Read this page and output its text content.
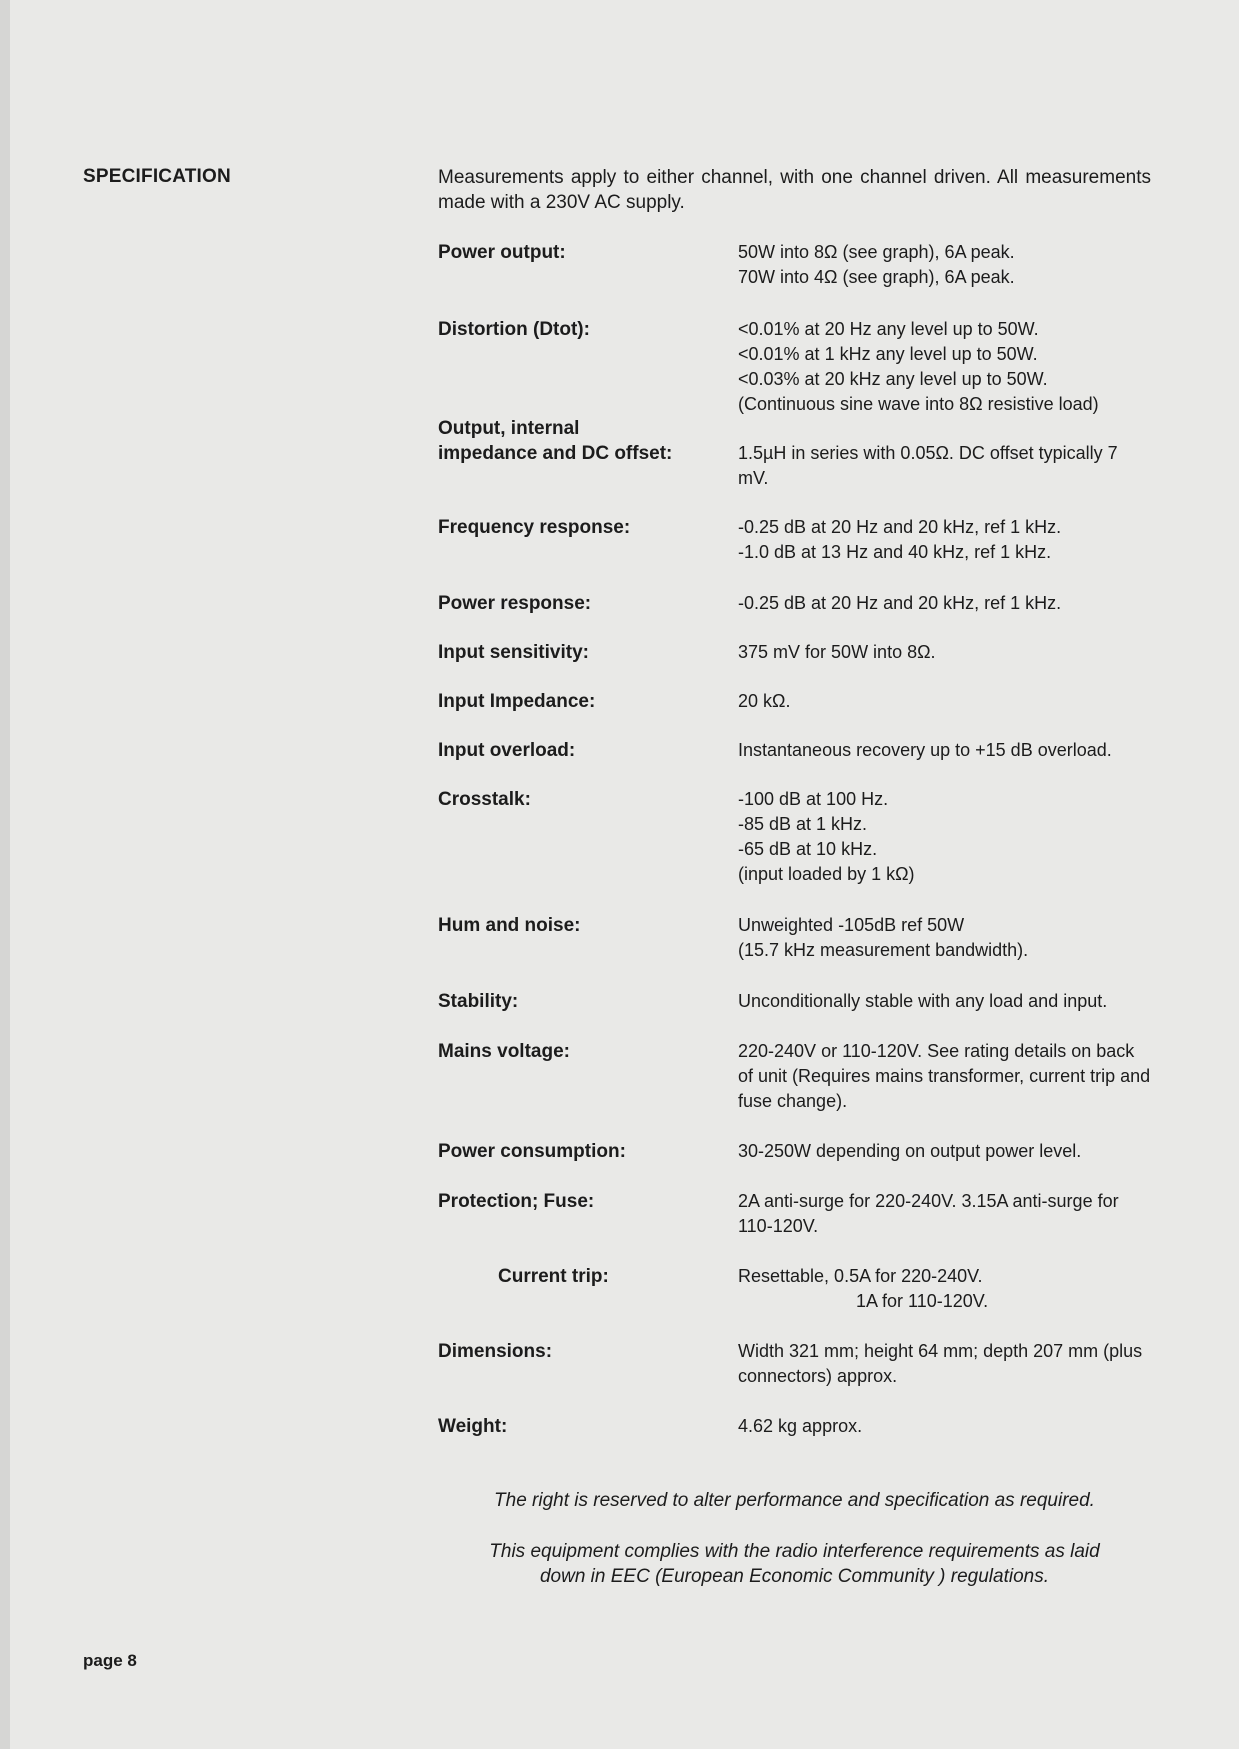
SPECIFICATION	Measurements apply to either channel, with one channel driven. All measurements made with a 230V AC supply.
Power output:	50W into 8Ω (see graph), 6A peak.
70W into 4Ω (see graph), 6A peak.
Distortion (Dtot):	<0.01% at 20 Hz any level up to 50W.
<0.01% at 1 kHz any level up to 50W.
<0.03% at 20 kHz any level up to 50W.
(Continuous sine wave into 8Ω resistive load)
Output, internal
impedance and DC offset:	1.5µH in series with 0.05Ω. DC offset typically 7 mV.
Frequency response:	-0.25 dB at 20 Hz and 20 kHz, ref 1 kHz.
-1.0 dB at 13 Hz and 40 kHz, ref 1 kHz.
Power response:	-0.25 dB at 20 Hz and 20 kHz, ref 1 kHz.
Input sensitivity:	375 mV for 50W into 8Ω.
Input Impedance:	20 kΩ.
Input overload:	Instantaneous recovery up to +15 dB overload.
Crosstalk:	-100 dB at 100 Hz.
-85 dB at 1 kHz.
-65 dB at 10 kHz.
(input loaded by 1 kΩ)
Hum and noise:	Unweighted -105dB ref 50W
(15.7 kHz measurement bandwidth).
Stability:	Unconditionally stable with any load and input.
Mains voltage:	220-240V or 110-120V. See rating details on back of unit (Requires mains transformer, current trip and fuse change).
Power consumption:	30-250W depending on output power level.
Protection; Fuse:	2A anti-surge for 220-240V. 3.15A anti-surge for 110-120V.
Current trip:	Resettable, 0.5A for 220-240V.
1A for 110-120V.
Dimensions:	Width 321 mm; height 64 mm; depth 207 mm (plus connectors) approx.
Weight:	4.62 kg approx.
The right is reserved to alter performance and specification as required.
This equipment complies with the radio interference requirements as laid
down in EEC (European Economic Community ) regulations.
page 8
